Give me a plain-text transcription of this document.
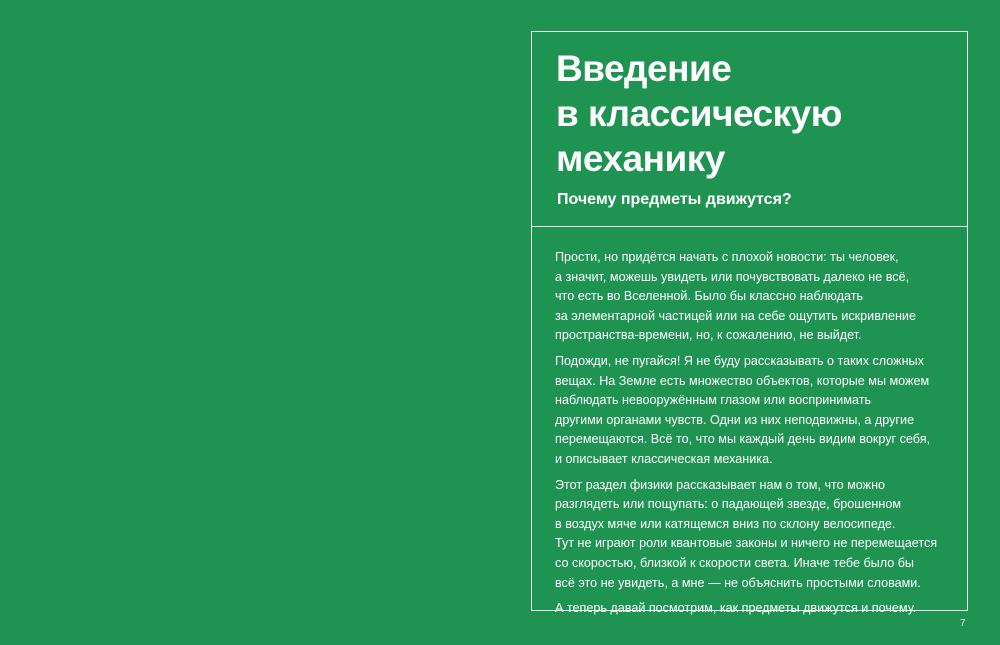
Введение
в классическую
механику
Почему предметы движутся?

Прости, но придётся начать с плохой новости: ты человек,
а значит, можешь увидеть или почувствовать далеко не всё,
что есть во Вселенной. Было бы классно наблюдать
за элементарной частицей или на себе ощутить искривление
пространства-времени, но, к сожалению, не выйдет.

Подожди, не пугайся! Я не буду рассказывать о таких сложных
вещах. На Земле есть множество объектов, которые мы можем
наблюдать невооружённым глазом или воспринимать
другими органами чувств. Одни из них неподвижны, а другие
перемещаются. Всё то, что мы каждый день видим вокруг себя,
и описывает классическая механика.

Этот раздел физики рассказывает нам о том, что можно
разглядеть или пощупать: о падающей звезде, брошенном
в воздух мяче или катящемся вниз по склону велосипеде.
Тут не играют роли квантовые законы и ничего не перемещается
со скоростью, близкой к скорости света. Иначе тебе было бы
всё это не увидеть, а мне — не объяснить простыми словами.

А теперь давай посмотрим, как предметы движутся и почему.

7
